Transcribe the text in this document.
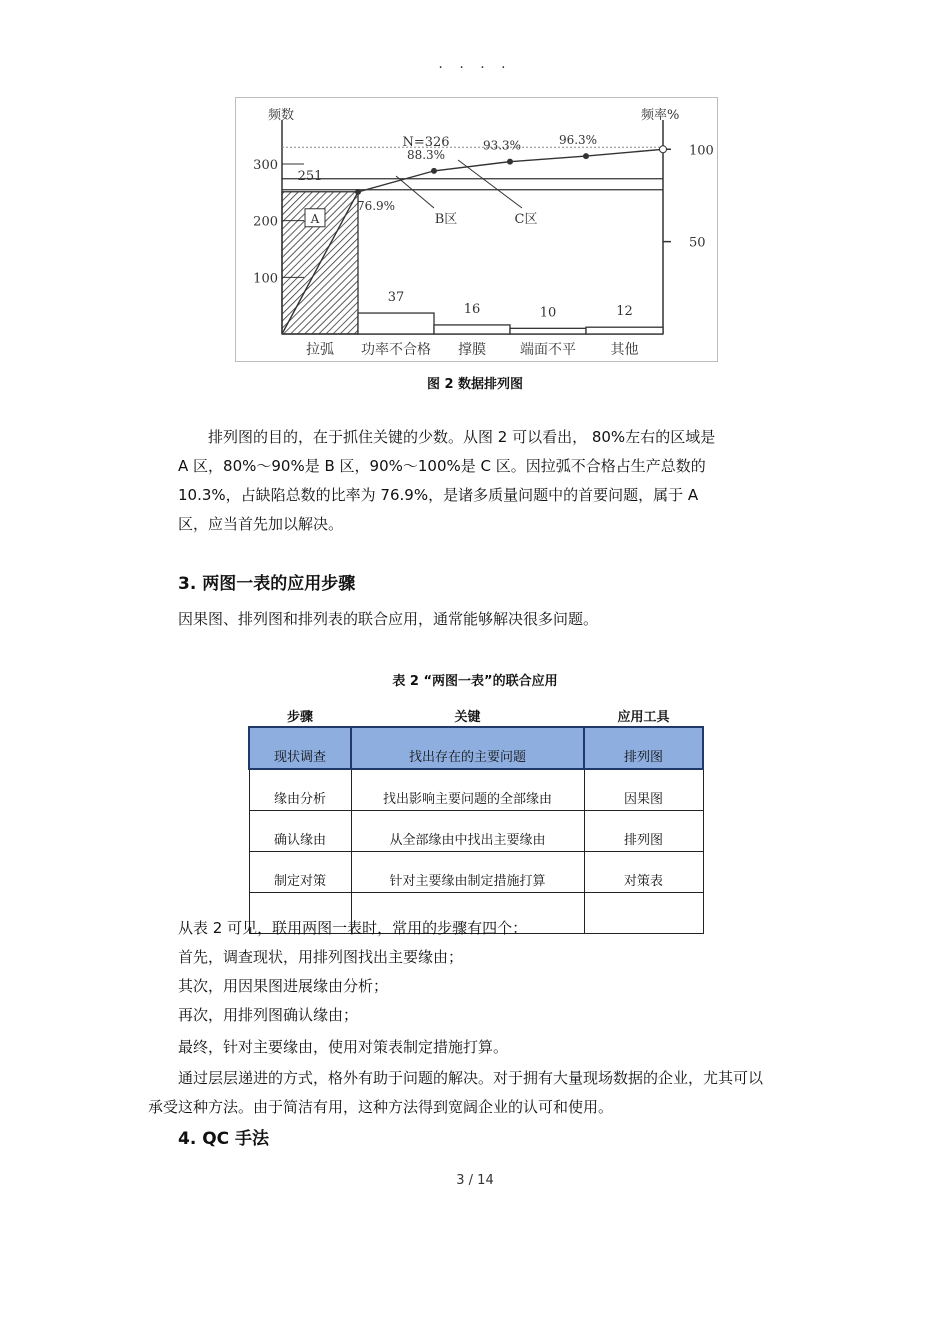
. . . .
100
200
300
50
100
频数	频率%
N=326
251
拉弧
37
功率不合格
16
撑膜
10
端面不平
12
其他
A
76.9%
88.3%
93.3%	96.3%
B区	C区
图 2 数据排列图
排列图的目的，在于抓住关键的少数。从图 2 可以看出， 80%左右的区域是
A 区，80%～90%是 B 区，90%～100%是 C 区。因拉弧不合格占生产总数的
10.3%，占缺陷总数的比率为 76.9%，是诸多质量问题中的首要问题，属于 A
区，应当首先加以解决。
3. 两图一表的应用步骤
因果图、排列图和排列表的联合应用，通常能够解决很多问题。
表 2 “两图一表”的联合应用
步骤	关键	应用工具
现状调查	找出存在的主要问题	排列图
缘由分析	找出影响主要问题的全部缘由	因果图
确认缘由	从全部缘由中找出主要缘由	排列图
制定对策	针对主要缘由制定措施打算	对策表

从表 2 可见，联用两图一表时，常用的步骤有四个：
首先，调查现状，用排列图找出主要缘由；
其次，用因果图进展缘由分析；
再次，用排列图确认缘由；
最终，针对主要缘由，使用对策表制定措施打算。
通过层层递进的方式，格外有助于问题的解决。对于拥有大量现场数据的企业，尤其可以
承受这种方法。由于简洁有用，这种方法得到宽阔企业的认可和使用。
4. QC 手法
3 / 14
